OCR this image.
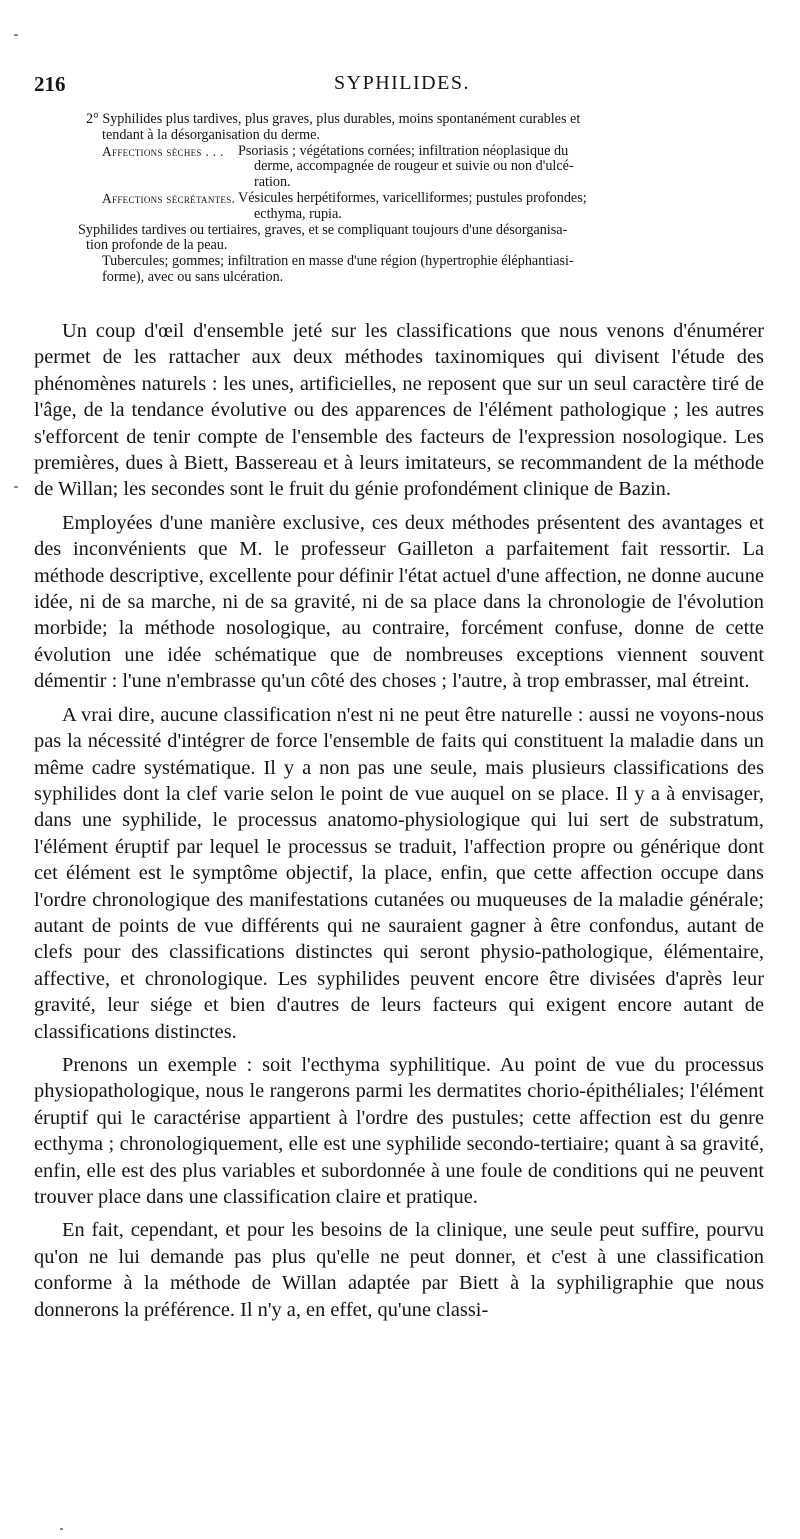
216	SYPHILIDES.
2° Syphilides plus tardives, plus graves, plus durables, moins spontanément curables et
tendant à la désorganisation du derme.
Affections sèches . . .	Psoriasis ; végétations cornées; infiltration néoplasique du
derme, accompagnée de rougeur et suivie ou non d'ulcé-
ration.
Affections sécrétantes. Vésicules herpétiformes, varicelliformes; pustules profondes;
ecthyma, rupia.
Syphilides tardives ou tertiaires, graves, et se compliquant toujours d'une désorganisa-
tion profonde de la peau.
Tubercules; gommes; infiltration en masse d'une région (hypertrophie éléphantiasi-
forme), avec ou sans ulcération.

Un coup d'œil d'ensemble jeté sur les classifications que nous venons d'énumérer permet de les rattacher aux deux méthodes taxinomiques qui divisent l'étude des phénomènes naturels : les unes, artificielles, ne reposent que sur un seul caractère tiré de l'âge, de la tendance évolutive ou des apparences de l'élément pathologique ; les autres s'efforcent de tenir compte de l'ensemble des facteurs de l'expression nosologique. Les premières, dues à Biett, Bassereau et à leurs imitateurs, se recommandent de la méthode de Willan; les secondes sont le fruit du génie profondément clinique de Bazin.

Employées d'une manière exclusive, ces deux méthodes présentent des avantages et des inconvénients que M. le professeur Gailleton a parfaitement fait ressortir. La méthode descriptive, excellente pour définir l'état actuel d'une affection, ne donne aucune idée, ni de sa marche, ni de sa gravité, ni de sa place dans la chronologie de l'évolution morbide; la méthode nosologique, au contraire, forcément confuse, donne de cette évolution une idée schématique que de nombreuses exceptions viennent souvent démentir : l'une n'embrasse qu'un côté des choses ; l'autre, à trop embrasser, mal étreint.

A vrai dire, aucune classification n'est ni ne peut être naturelle : aussi ne voyons-nous pas la nécessité d'intégrer de force l'ensemble de faits qui constituent la maladie dans un même cadre systématique. Il y a non pas une seule, mais plusieurs classifications des syphilides dont la clef varie selon le point de vue auquel on se place. Il y a à envisager, dans une syphilide, le processus anatomo-physiologique qui lui sert de substratum, l'élément éruptif par lequel le processus se traduit, l'affection propre ou générique dont cet élément est le symptôme objectif, la place, enfin, que cette affection occupe dans l'ordre chronologique des manifestations cutanées ou muqueuses de la maladie générale; autant de points de vue différents qui ne sauraient gagner à être confondus, autant de clefs pour des classifications distinctes qui seront physio-pathologique, élémentaire, affective, et chronologique. Les syphilides peuvent encore être divisées d'après leur gravité, leur siége et bien d'autres de leurs facteurs qui exigent encore autant de classifications distinctes.

Prenons un exemple : soit l'ecthyma syphilitique. Au point de vue du processus physiopathologique, nous le rangerons parmi les dermatites chorio-épithéliales; l'élément éruptif qui le caractérise appartient à l'ordre des pustules; cette affection est du genre ecthyma ; chronologiquement, elle est une syphilide secondo-tertiaire; quant à sa gravité, enfin, elle est des plus variables et subordonnée à une foule de conditions qui ne peuvent trouver place dans une classification claire et pratique.

En fait, cependant, et pour les besoins de la clinique, une seule peut suffire, pourvu qu'on ne lui demande pas plus qu'elle ne peut donner, et c'est à une classification conforme à la méthode de Willan adaptée par Biett à la syphiligraphie que nous donnerons la préférence. Il n'y a, en effet, qu'une classi-
